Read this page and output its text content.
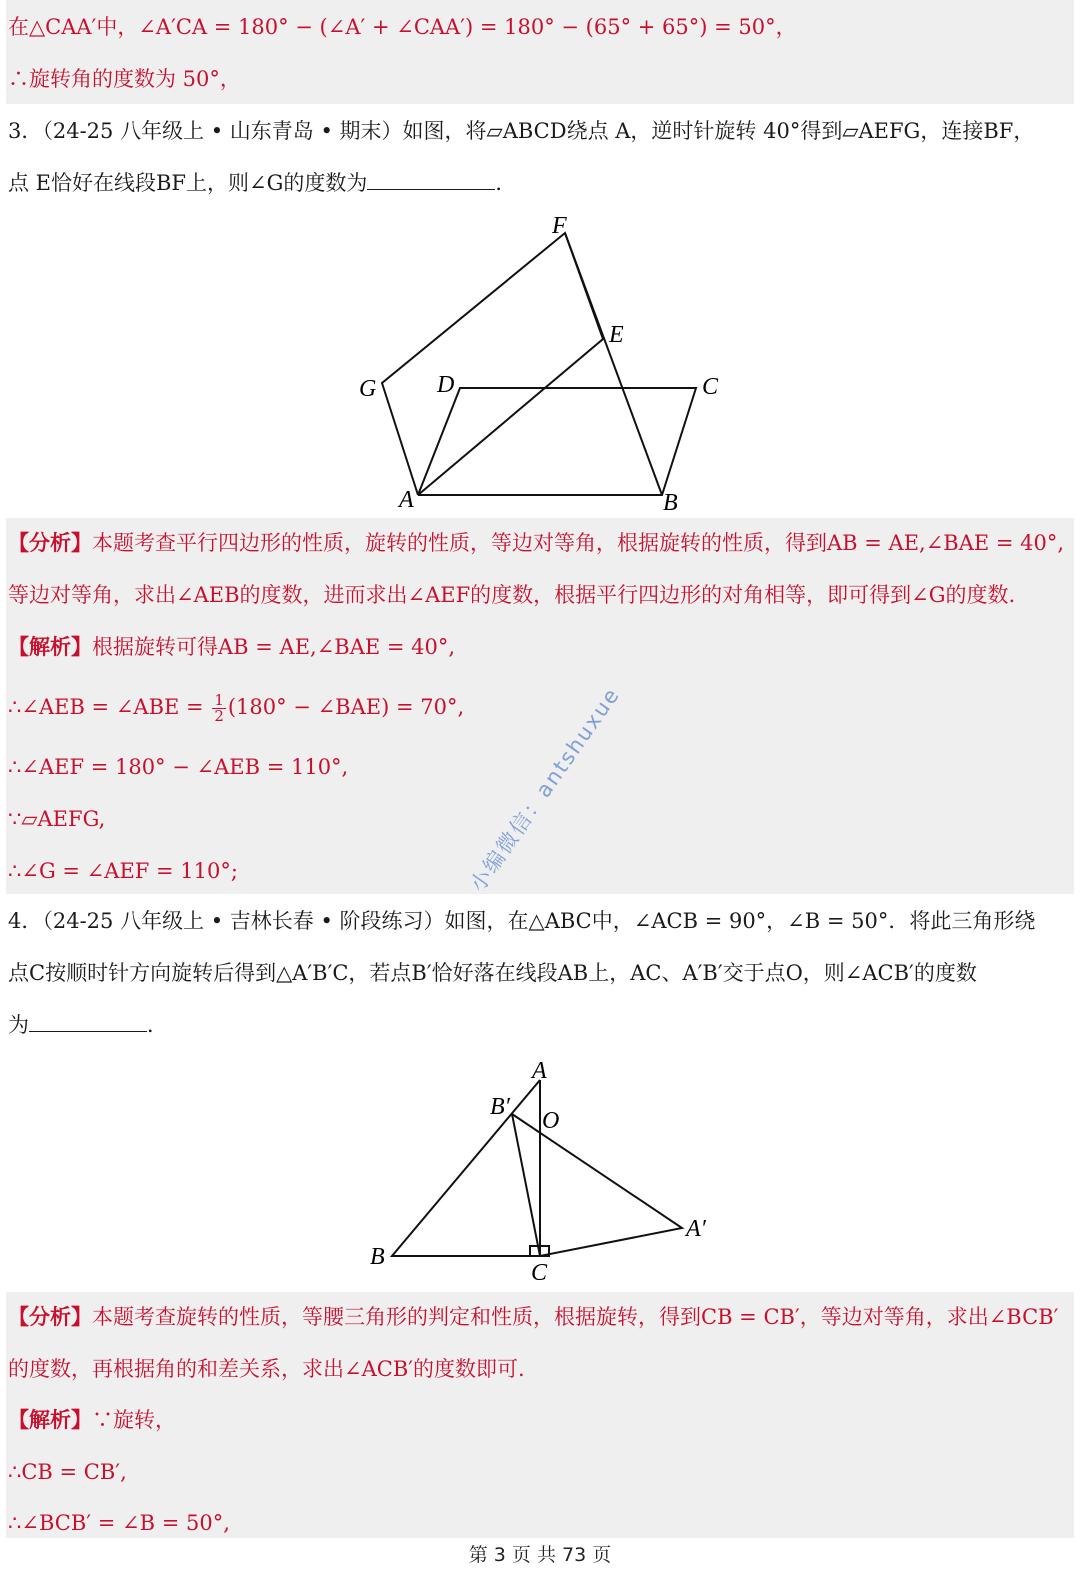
在△CAA′中，∠A′CA = 180° − (∠A′ + ∠CAA′) = 180° − (65° + 65°) = 50°，
∴旋转角的度数为 50°，
3．（24-25 八年级上 • 山东青岛 • 期末）如图，将▱ABCD绕点 A，逆时针旋转 40°得到▱AEFG，连接BF，
点 E恰好在线段BF上，则∠G的度数为	．
F
E
G	D	C
A	B
【分析】本题考查平行四边形的性质，旋转的性质，等边对等角，根据旋转的性质，得到AB = AE,∠BAE = 40°,
等边对等角，求出∠AEB的度数，进而求出∠AEF的度数，根据平行四边形的对角相等，即可得到∠G的度数.
【解析】根据旋转可得AB = AE,∠BAE = 40°,
∴∠AEB = ∠ABE = $\frac{1}{2} (180^\circ$ − ∠BAE) = 70°,
∴∠AEF = 180° − ∠AEB = 110°,
∵▱AEFG,
∴∠G = ∠AEF = 110°;
4．（24-25 八年级上 • 吉林长春 • 阶段练习）如图，在△ABC中，∠ACB = 90°，∠B = 50°．将此三角形绕
点C按顺时针方向旋转后得到△A′B′C，若点B′恰好落在线段AB上，AC、A′B′交于点O，则∠ACB′的度数
为	．
A
B′
O
A′
B
C
【分析】本题考查旋转的性质，等腰三角形的判定和性质，根据旋转，得到CB = CB′，等边对等角，求出∠BCB′
的度数，再根据角的和差关系，求出∠ACB′的度数即可.
【解析】∵旋转，
∴CB = CB′,
∴∠BCB′ = ∠B = 50°,
小编微信：antshuxue
第 3 页 共 73 页
